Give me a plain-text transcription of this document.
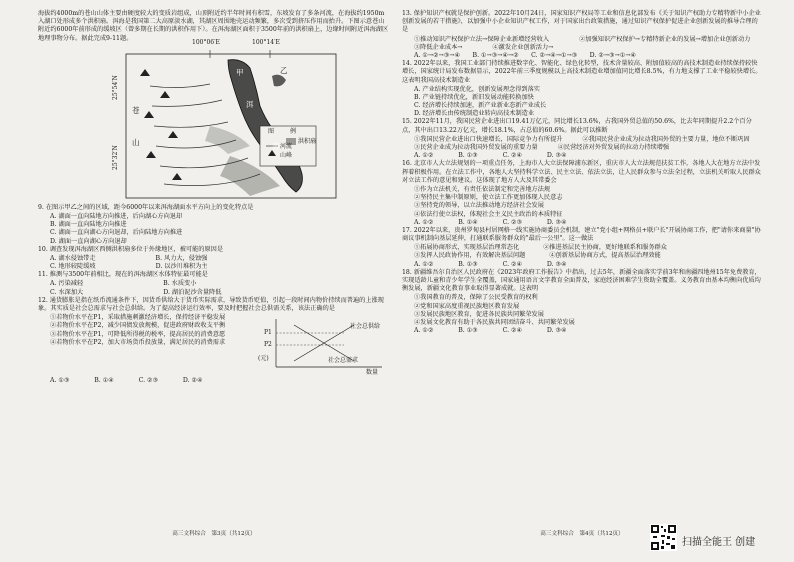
海拔约4000m的苍山山体主要由硬度较大的变质岩组成，山顶附近约半年时间有积雪，东坡发育了多条河流，在海拔约1950m入湖口处形成多个洪积扇。洱海是我国第二大高原淡水湖，其湖区周围地壳运动频繁，多次受到挤压作用而抬升。下图示意苍山附近约6000年前形成的缓坡区（曾多期在长期的洪积作用下）。在洱海湖区面积于3500年前的洪积扇上，边缘时间附近洱海湖区地理事物分布。据此完成9-11题。
100°06′E	100°14′E
25°54′N
25°32′N
甲	乙
洱
海
苍
山
图	例
河流
山峰
洪积扇
9. 在图示甲乙之间的区域，距今6000年以来洱海湖面水平方向上的变化特点是
A. 湖面一直向陆地方向推进，后向湖心方向退却
B. 湖面一直向陆地方向推进
C. 湖面一直向湖心方向退却，后向陆地方向推进
D. 湖面一直向湖心方向退却
10. 调查发现洱海湖区西侧洪积扇多位于外缘地区，被可能的原因是
A. 湖水侵蚀带走	B. 风力大，侵蚀强
C. 地形较陡缓坡	D. 以沙川堆积为主
11. 推测与3500年前相比，现在的洱海湖区水体特征最可能是
A. 污染减轻	B. 水质变小
C. 水深加大	D. 湖泊泥沙含量降低
12. 通货膨胀是指在纸币流通条件下，因货币供给大于货币实际需求，导致货币贬值，引起一段时间内物价持续而普遍的上涨现象。其实质是社会总需求与社会总供给。为了提高经济运行效率，要及时把握社会总供需关系，该法正确的是
P1
P2
(元)
社会总供给
社会总需求
数量
①若物价水平在P1，采取措施刺激经济增长，保持经济平稳发展
②若物价水平在P2，减少国债发放规模，促进政府财政收支平衡
③若物价水平在P1，可降低所得税的税率，提高居民的消费意愿
④若物价水平在P2，加大市场货币投放量，满足居民的消费需求
A. ①③　　　　B. ①④　　　　C. ②③　　　　D. ②④
高三文科综合　第3页（共12页）
13. 保护知识产权就是保护创新。2022年10月24日，国家知识产权局等工业和信息化部发布《关于知识产权助力专精特新中小企业创新发展的若干措施》，以加强中小企业知识产权工作，对于国家出台政策措施，通过知识产权保护促进企业创新发展的推导合理的是
①推动知识产权保护立法→保障企业新增经营收入	②加强知识产权保护→专精特新企业的发展→增加企业创新动力
③降低企业成本→	④激发企业创新活力→
A. ①→②→③→④　　B. ①→③→④→②　　C. ②→④→①→③　　D. ②→③→①→④
14. 2022年以来，我国工业部门持续推进数字化、智能化、绿色化转型，技术含量较高、附加值较高的高技术制造业持续保持较快增长，国家统计局发布数据显示，2022年前三季度规模以上高技术制造业增加值同比增长8.5%，有力地支撑了工业平稳较快增长。这表明我国高技术制造业
A. 产业结构实现优化，创新发展理念得到落实
B. 产业链持续优化，新旧发展动能转换加快
C. 经济增长持续加速，新产业新业态新产业成长
D. 经济增长由传统制造业转向高技术制造业
15. 2022年11月，我国民营企业进出口19.41万亿元，同比增长13.6%，占我国外贸总值的50.6%，比去年同期提升2.2个百分点，其中出口13.22万亿元，增长18.1%，占总值的60.6%。据此可以推断
①我国民营企业进出口快速增长，国际竞争力有所提升	②我国民营企业成为拉动我国外贸的主要力量，地位不断巩固
③民营企业成为拉动我国外贸发展的重要力量	④民营经济对外贸发展的拉动力持续增强
A. ①②　　　　B. ①③　　　　C. ②④　　　　D. ③④
16. 北京市人大立法规划的一项重点任务，上海市人大立法保障浦东新区，重庆市人大立法规范扶贫工作，各地人大在地方立法中发挥着积极作用。在立法工作中，各地人大坚持科学立法、民主立法、依法立法，让人民群众参与立法全过程，立法机关听取人民群众对立法工作的意见和建议。这体现了地方人大及其常委会
①作为立法机关，有责任依法制定和完善地方法规
②坚持民主集中制原则，使立法工作更加体现人民意志
③坚持党的领导，以立法推动地方经济社会发展
④依法行使立法权，体现社会主义民主政治的本质特征
A. ①②　　　　B. ①④　　　　C. ②③　　　　D. ③④
17. 2022年以来，贵州罗甸县村居网格一线实施协商委员会机制，建立"党小组+网格员+联户长"开展协商工作，把"请你来商量"协商议事机制向基层延伸，打通联系服务群众的"最后一公里"。这一做法
①拓展协商形式，实现基层治理常态化	②推进基层民主协商，更好地联系和服务群众
③发挥人民政协作用，有效解决基层问题	④创新基层协商方式，提高基层治理效能
A. ①②　　　　B. ①③　　　　C. ②④　　　　D. ③④
18. 新疆维吾尔自治区人民政府在《2023年政府工作报告》中指出，过去5年，新疆全面落实学前3年和南疆四地州15年免费教育，实现适龄儿童和青少年学生全覆盖，国家通用语言文字教育全面普及，家庭经济困难学生资助全覆盖。义务教育由基本均衡向优质均衡发展，新疆文化教育事业取得显著成就。这表明
①我国教育的普及，保障了公民受教育的权利
②党和国家高度重视民族地区教育发展
③发展民族地区教育，促进各民族共同繁荣发展
④发展文化教育有助于各民族共同团结奋斗、共同繁荣发展
A. ①②　　　　B. ①③　　　　C. ②④　　　　D. ③④
高三文科综合　第4页（共12页）
扫描全能王 创建
